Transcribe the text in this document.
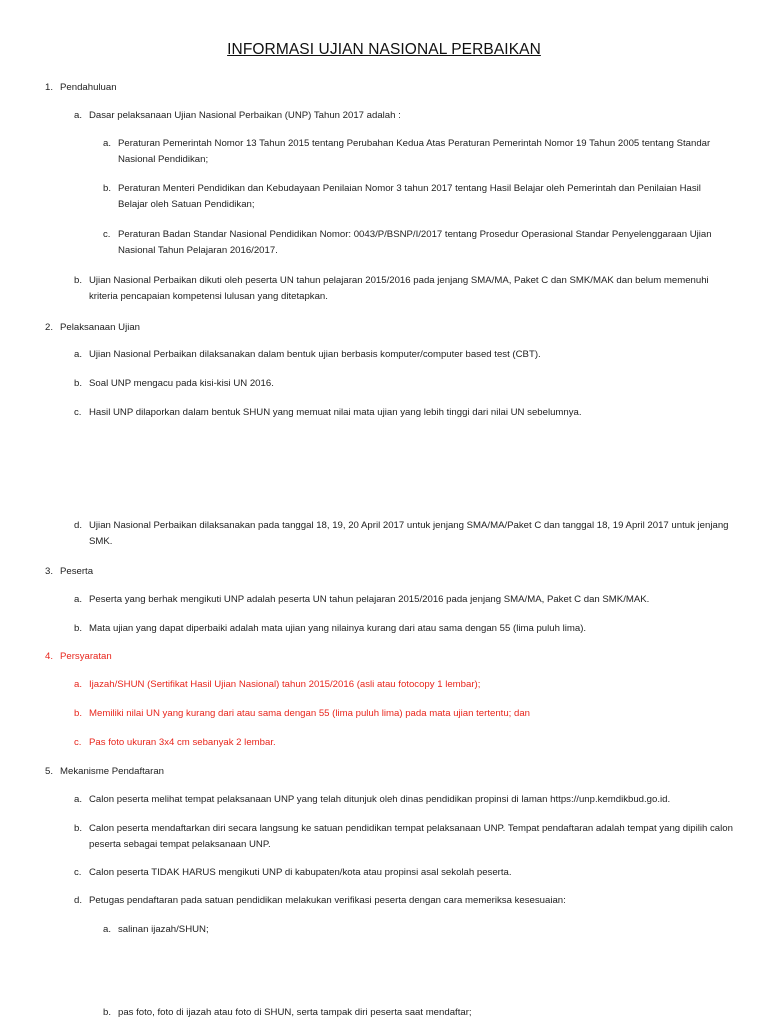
INFORMASI UJIAN NASIONAL PERBAIKAN
1. Pendahuluan
a. Dasar pelaksanaan Ujian Nasional Perbaikan (UNP) Tahun 2017 adalah :
a. Peraturan Pemerintah Nomor 13 Tahun 2015 tentang Perubahan Kedua Atas Peraturan Pemerintah Nomor 19 Tahun 2005 tentang Standar Nasional Pendidikan;
b. Peraturan Menteri Pendidikan dan Kebudayaan Penilaian Nomor 3 tahun 2017 tentang Hasil Belajar oleh Pemerintah dan Penilaian Hasil Belajar oleh Satuan Pendidikan;
c. Peraturan Badan Standar Nasional Pendidikan Nomor: 0043/P/BSNP/I/2017 tentang Prosedur Operasional Standar Penyelenggaraan Ujian Nasional Tahun Pelajaran 2016/2017.
b. Ujian Nasional Perbaikan dikuti oleh peserta UN tahun pelajaran 2015/2016 pada jenjang SMA/MA, Paket C dan SMK/MAK dan belum memenuhi kriteria pencapaian kompetensi lulusan yang ditetapkan.
2. Pelaksanaan Ujian
a. Ujian Nasional Perbaikan dilaksanakan dalam bentuk ujian berbasis komputer/computer based test (CBT).
b. Soal UNP mengacu pada kisi-kisi UN 2016.
c. Hasil UNP dilaporkan dalam bentuk SHUN yang memuat nilai mata ujian yang lebih tinggi dari nilai UN sebelumnya.
d. Ujian Nasional Perbaikan dilaksanakan pada tanggal 18, 19, 20 April 2017 untuk jenjang SMA/MA/Paket C dan tanggal 18, 19 April 2017 untuk jenjang SMK.
3. Peserta
a. Peserta yang berhak mengikuti UNP adalah peserta UN tahun pelajaran 2015/2016 pada jenjang SMA/MA, Paket C dan SMK/MAK.
b. Mata ujian yang dapat diperbaiki adalah mata ujian yang nilainya kurang dari atau sama dengan 55 (lima puluh lima).
4. Persyaratan
a. Ijazah/SHUN (Sertifikat Hasil Ujian Nasional) tahun 2015/2016 (asli atau fotocopy 1 lembar);
b. Memiliki nilai UN yang kurang dari atau sama dengan 55 (lima puluh lima) pada mata ujian tertentu; dan
c. Pas foto ukuran 3x4 cm sebanyak 2 lembar.
5. Mekanisme Pendaftaran
a. Calon peserta melihat tempat pelaksanaan UNP yang telah ditunjuk oleh dinas pendidikan propinsi di laman https://unp.kemdikbud.go.id.
b. Calon peserta mendaftarkan diri secara langsung ke satuan pendidikan tempat pelaksanaan UNP. Tempat pendaftaran adalah tempat yang dipilih calon peserta sebagai tempat pelaksanaan UNP.
c. Calon peserta TIDAK HARUS mengikuti UNP di kabupaten/kota atau propinsi asal sekolah peserta.
d. Petugas pendaftaran pada satuan pendidikan melakukan verifikasi peserta dengan cara memeriksa kesesuaian:
a. salinan ijazah/SHUN;
b. pas foto, foto di ijazah atau foto di SHUN, serta tampak diri peserta saat mendaftar;
